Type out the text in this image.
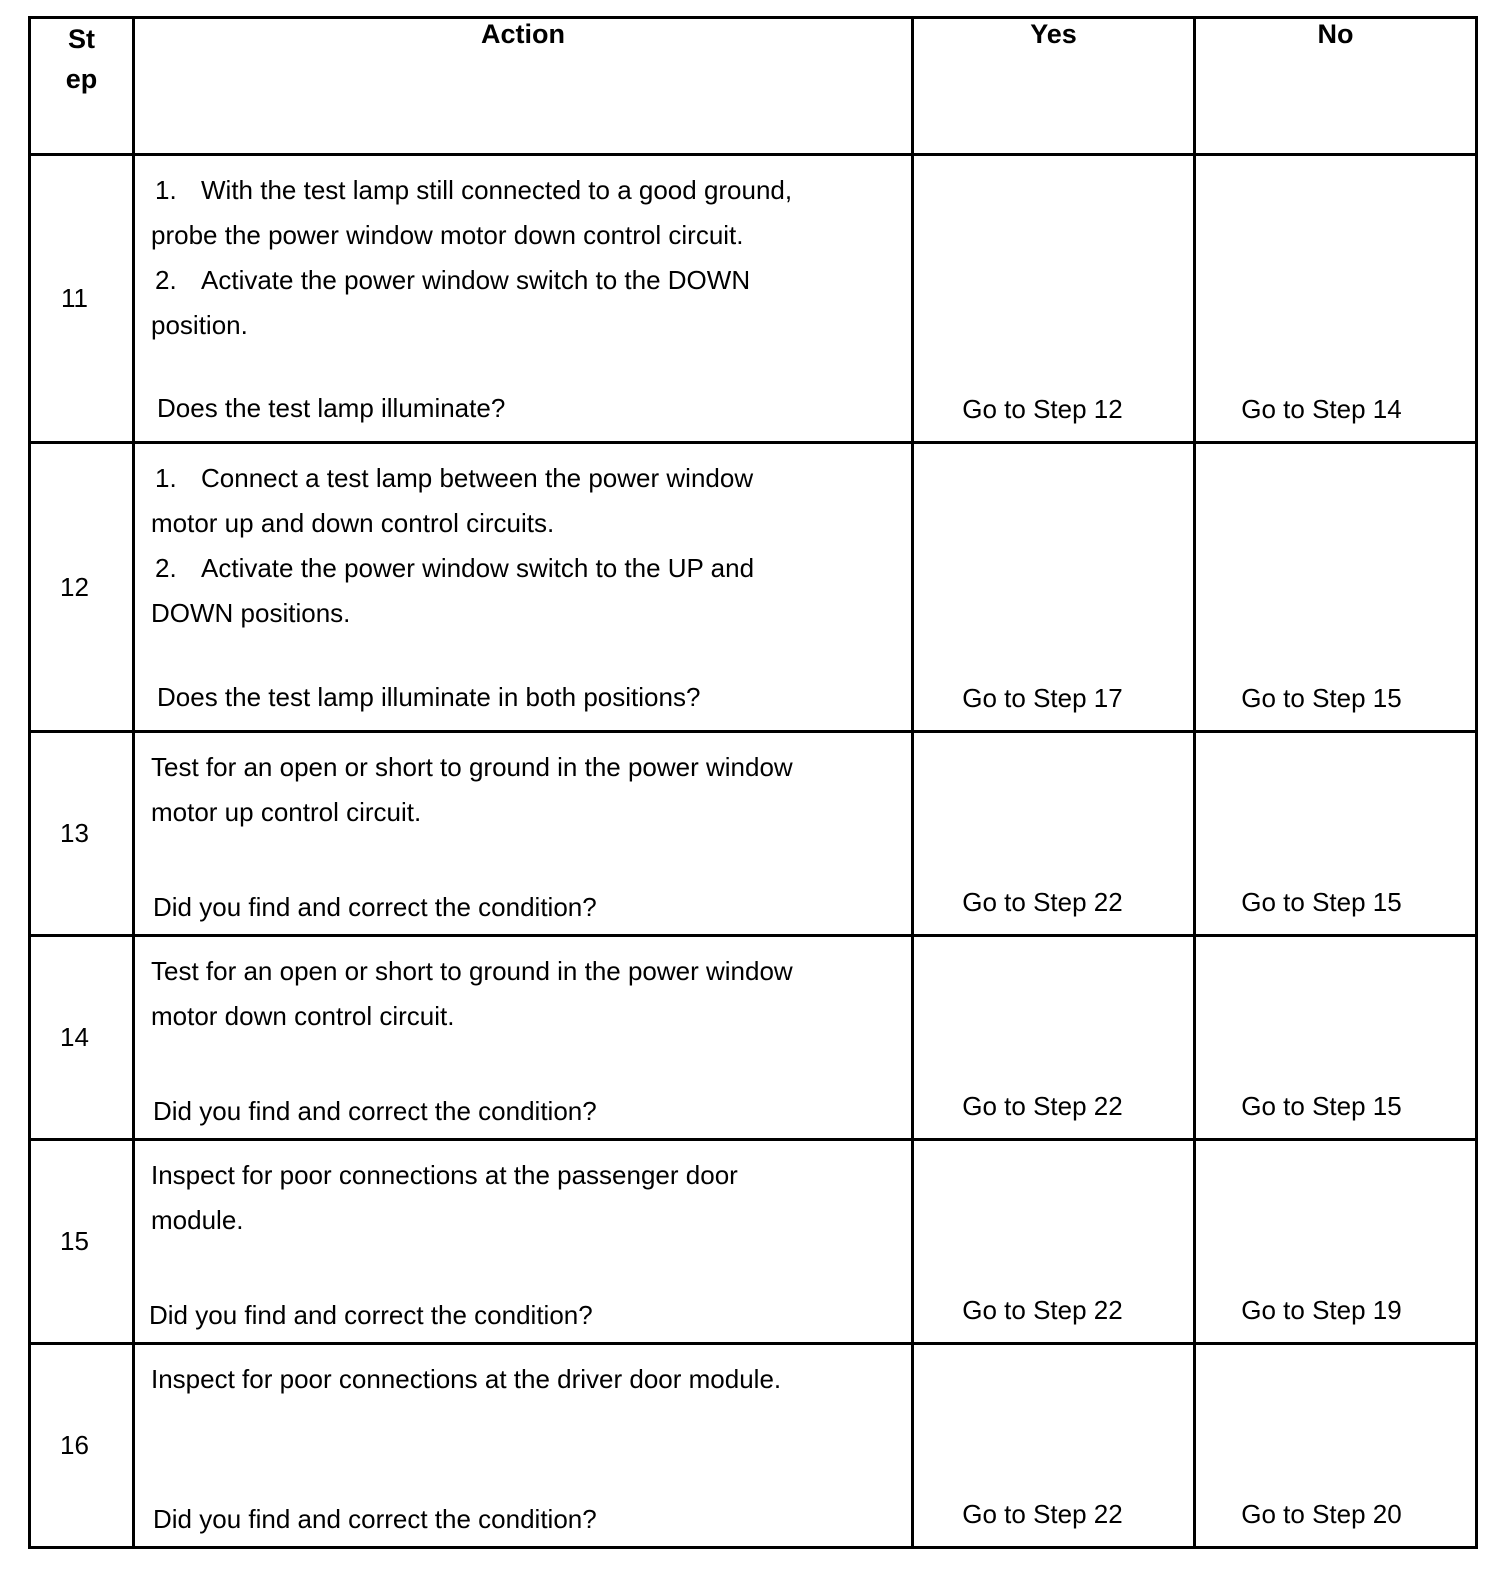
St
ep	Action	Yes	No
11	1. With the test lamp still connected to a good ground,
probe the power window motor down control circuit.
2. Activate the power window switch to the DOWN
position.
Does the test lamp illuminate?	Go to Step 12	Go to Step 14
12	1. Connect a test lamp between the power window
motor up and down control circuits.
2. Activate the power window switch to the UP and
DOWN positions.
Does the test lamp illuminate in both positions?	Go to Step 17	Go to Step 15
13	Test for an open or short to ground in the power window
motor up control circuit.
Did you find and correct the condition?	Go to Step 22	Go to Step 15
14	Test for an open or short to ground in the power window
motor down control circuit.
Did you find and correct the condition?	Go to Step 22	Go to Step 15
15	Inspect for poor connections at the passenger door
module.
Did you find and correct the condition?	Go to Step 22	Go to Step 19
16	Inspect for poor connections at the driver door module.
Did you find and correct the condition?	Go to Step 22	Go to Step 20
